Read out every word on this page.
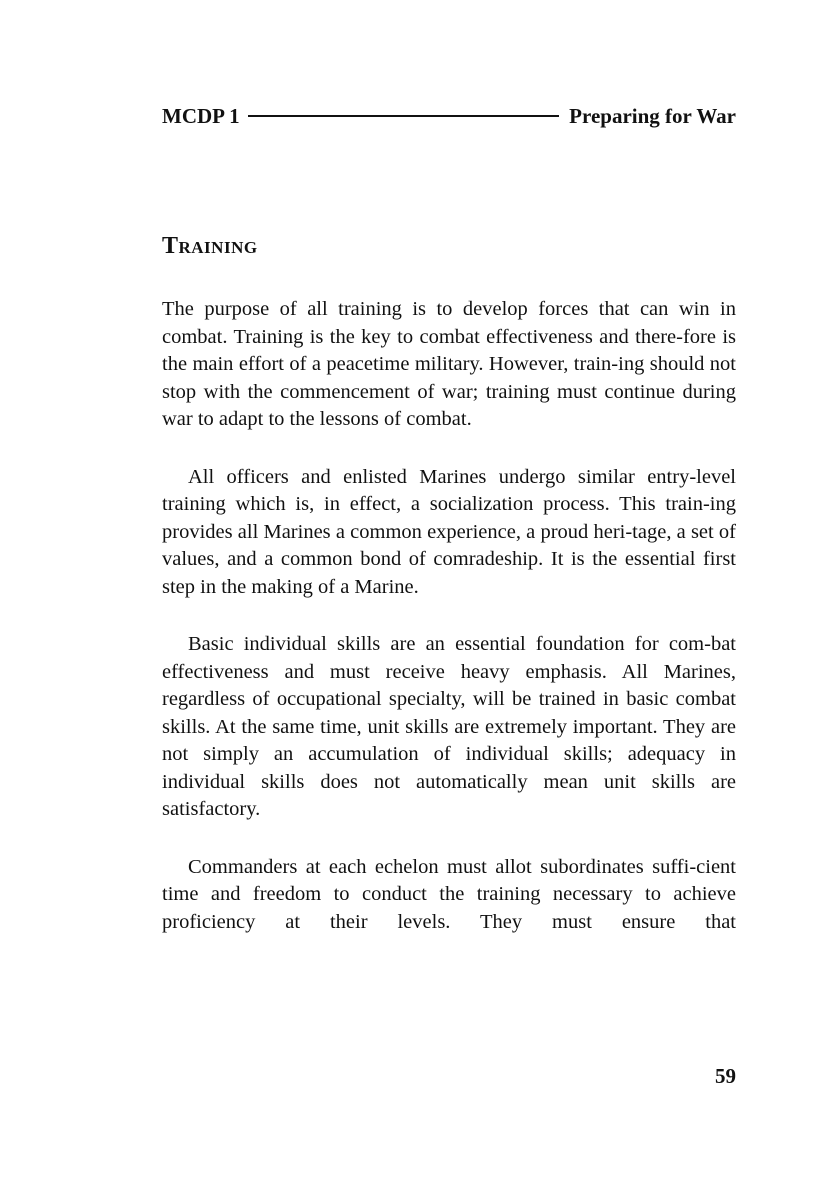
MCDP 1	Preparing for War
Training

The purpose of all training is to develop forces that can win in combat. Training is the key to combat effectiveness and there-fore is the main effort of a peacetime military. However, train-ing should not stop with the commencement of war; training must continue during war to adapt to the lessons of combat.

All officers and enlisted Marines undergo similar entry-level training which is, in effect, a socialization process. This train-ing provides all Marines a common experience, a proud heri-tage, a set of values, and a common bond of comradeship. It is the essential first step in the making of a Marine.

Basic individual skills are an essential foundation for com-bat effectiveness and must receive heavy emphasis. All Marines, regardless of occupational specialty, will be trained in basic combat skills. At the same time, unit skills are extremely important. They are not simply an accumulation of individual skills; adequacy in individual skills does not automatically mean unit skills are satisfactory.

Commanders at each echelon must allot subordinates suffi-cient time and freedom to conduct the training necessary to achieve proficiency at their levels. They must ensure that

59
